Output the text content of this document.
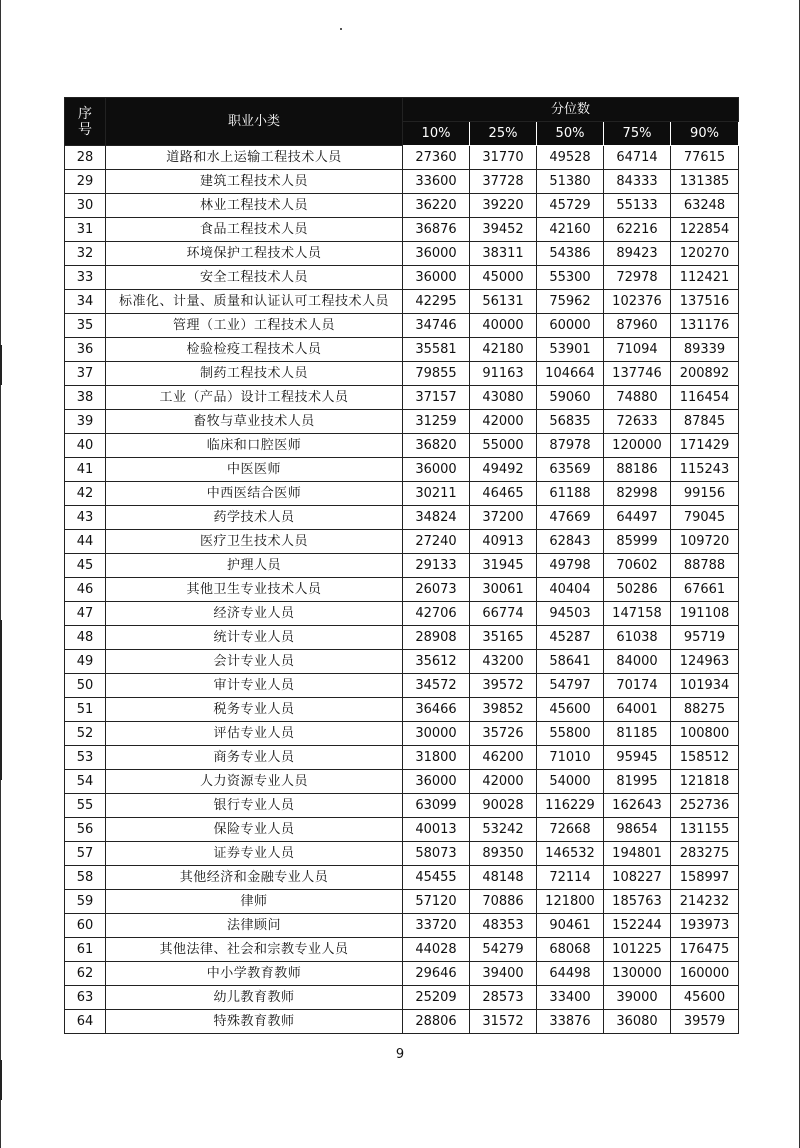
序
号	职业小类	分位数				
		10%	25%	50%	75%	90%
28	道路和水上运输工程技术人员	27360	31770	49528	64714	77615
29	建筑工程技术人员	33600	37728	51380	84333	131385
30	林业工程技术人员	36220	39220	45729	55133	63248
31	食品工程技术人员	36876	39452	42160	62216	122854
32	环境保护工程技术人员	36000	38311	54386	89423	120270
33	安全工程技术人员	36000	45000	55300	72978	112421
34	标准化、计量、质量和认证认可工程技术人员	42295	56131	75962	102376	137516
35	管理（工业）工程技术人员	34746	40000	60000	87960	131176
36	检验检疫工程技术人员	35581	42180	53901	71094	89339
37	制药工程技术人员	79855	91163	104664	137746	200892
38	工业（产品）设计工程技术人员	37157	43080	59060	74880	116454
39	畜牧与草业技术人员	31259	42000	56835	72633	87845
40	临床和口腔医师	36820	55000	87978	120000	171429
41	中医医师	36000	49492	63569	88186	115243
42	中西医结合医师	30211	46465	61188	82998	99156
43	药学技术人员	34824	37200	47669	64497	79045
44	医疗卫生技术人员	27240	40913	62843	85999	109720
45	护理人员	29133	31945	49798	70602	88788
46	其他卫生专业技术人员	26073	30061	40404	50286	67661
47	经济专业人员	42706	66774	94503	147158	191108
48	统计专业人员	28908	35165	45287	61038	95719
49	会计专业人员	35612	43200	58641	84000	124963
50	审计专业人员	34572	39572	54797	70174	101934
51	税务专业人员	36466	39852	45600	64001	88275
52	评估专业人员	30000	35726	55800	81185	100800
53	商务专业人员	31800	46200	71010	95945	158512
54	人力资源专业人员	36000	42000	54000	81995	121818
55	银行专业人员	63099	90028	116229	162643	252736
56	保险专业人员	40013	53242	72668	98654	131155
57	证券专业人员	58073	89350	146532	194801	283275
58	其他经济和金融专业人员	45455	48148	72114	108227	158997
59	律师	57120	70886	121800	185763	214232
60	法律顾问	33720	48353	90461	152244	193973
61	其他法律、社会和宗教专业人员	44028	54279	68068	101225	176475
62	中小学教育教师	29646	39400	64498	130000	160000
63	幼儿教育教师	25209	28573	33400	39000	45600
64	特殊教育教师	28806	31572	33876	36080	39579
9
